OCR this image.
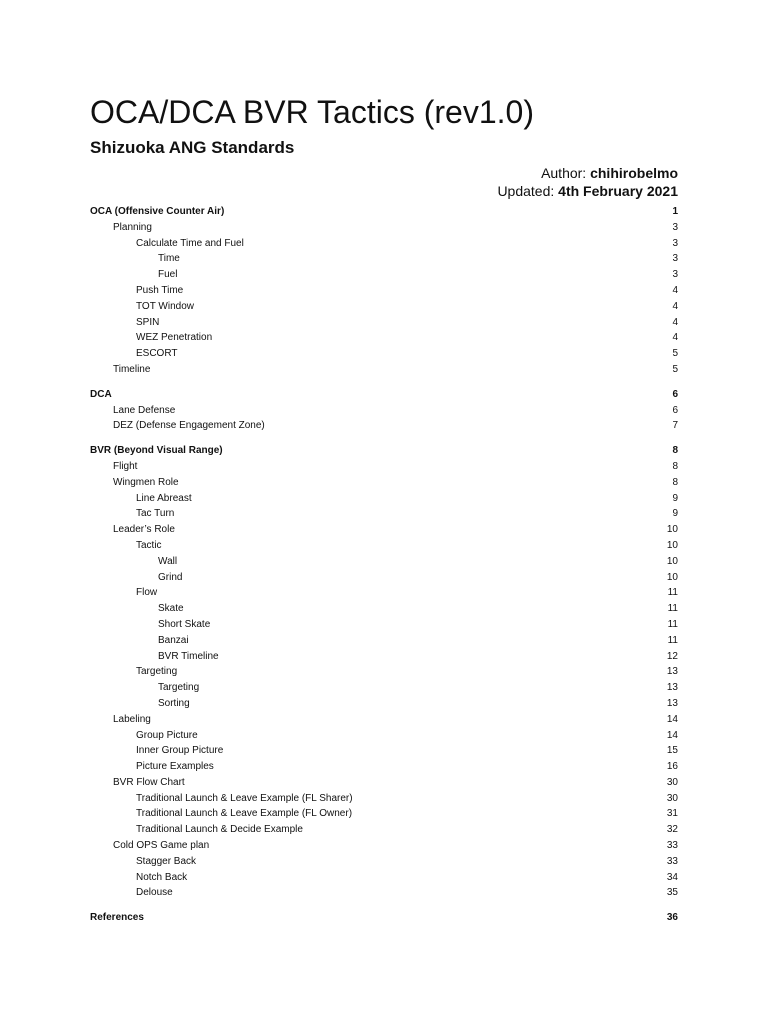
OCA/DCA BVR Tactics (rev1.0)
Shizuoka ANG Standards
Author: chihirobelmo
Updated: 4th February 2021
OCA (Offensive Counter Air)	1
Planning	3
Calculate Time and Fuel	3
Time	3
Fuel	3
Push Time	4
TOT Window	4
SPIN	4
WEZ Penetration	4
ESCORT	5
Timeline	5
DCA	6
Lane Defense	6
DEZ (Defense Engagement Zone)	7
BVR (Beyond Visual Range)	8
Flight	8
Wingmen Role	8
Line Abreast	9
Tac Turn	9
Leader’s Role	10
Tactic	10
Wall	10
Grind	10
Flow	11
Skate	11
Short Skate	11
Banzai	11
BVR Timeline	12
Targeting	13
Targeting	13
Sorting	13
Labeling	14
Group Picture	14
Inner Group Picture	15
Picture Examples	16
BVR Flow Chart	30
Traditional Launch & Leave Example (FL Sharer)	30
Traditional Launch & Leave Example (FL Owner)	31
Traditional Launch & Decide Example	32
Cold OPS Game plan	33
Stagger Back	33
Notch Back	34
Delouse	35
References	36
